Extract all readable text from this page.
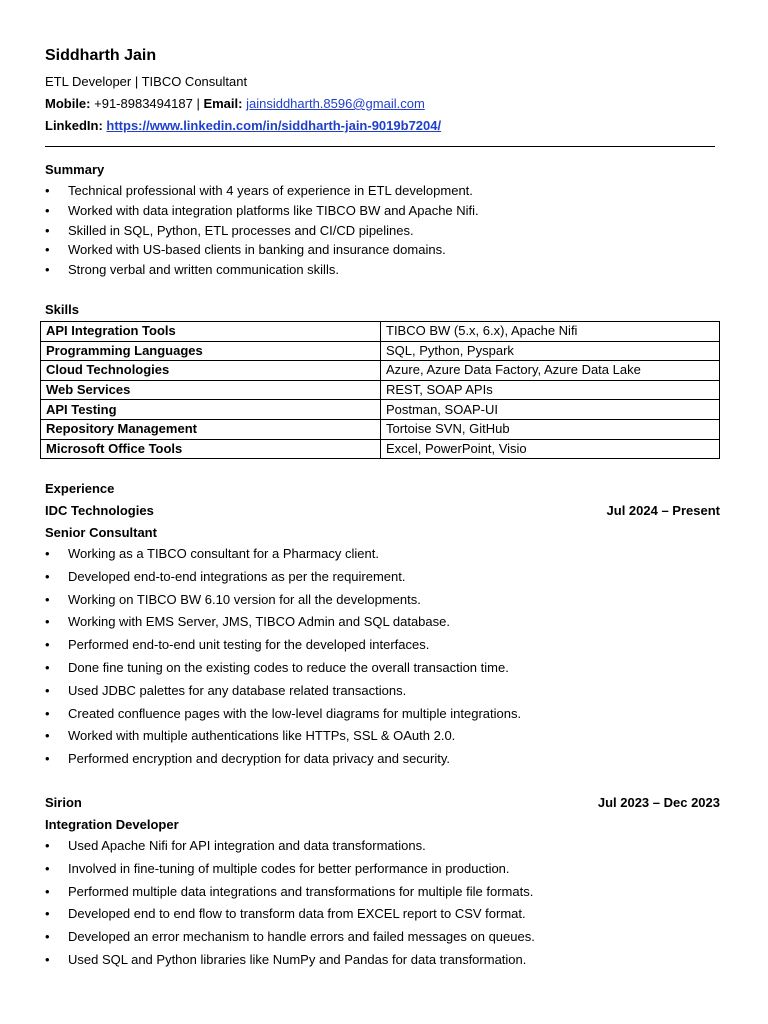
Siddharth Jain
ETL Developer | TIBCO Consultant
Mobile: +91-8983494187 | Email: jainsiddharth.8596@gmail.com
LinkedIn: https://www.linkedin.com/in/siddharth-jain-9019b7204/
Summary
• Technical professional with 4 years of experience in ETL development.
• Worked with data integration platforms like TIBCO BW and Apache Nifi.
• Skilled in SQL, Python, ETL processes and CI/CD pipelines.
• Worked with US-based clients in banking and insurance domains.
• Strong verbal and written communication skills.
Skills
API Integration Tools	TIBCO BW (5.x, 6.x), Apache Nifi
Programming Languages	SQL, Python, Pyspark
Cloud Technologies	Azure, Azure Data Factory, Azure Data Lake
Web Services	REST, SOAP APIs
API Testing	Postman, SOAP-UI
Repository Management	Tortoise SVN, GitHub
Microsoft Office Tools	Excel, PowerPoint, Visio
Experience
IDC Technologies	Jul 2024 – Present
Senior Consultant
• Working as a TIBCO consultant for a Pharmacy client.
• Developed end-to-end integrations as per the requirement.
• Working on TIBCO BW 6.10 version for all the developments.
• Working with EMS Server, JMS, TIBCO Admin and SQL database.
• Performed end-to-end unit testing for the developed interfaces.
• Done fine tuning on the existing codes to reduce the overall transaction time.
• Used JDBC palettes for any database related transactions.
• Created confluence pages with the low-level diagrams for multiple integrations.
• Worked with multiple authentications like HTTPs, SSL & OAuth 2.0.
• Performed encryption and decryption for data privacy and security.
Sirion	Jul 2023 – Dec 2023
Integration Developer
• Used Apache Nifi for API integration and data transformations.
• Involved in fine-tuning of multiple codes for better performance in production.
• Performed multiple data integrations and transformations for multiple file formats.
• Developed end to end flow to transform data from EXCEL report to CSV format.
• Developed an error mechanism to handle errors and failed messages on queues.
• Used SQL and Python libraries like NumPy and Pandas for data transformation.
